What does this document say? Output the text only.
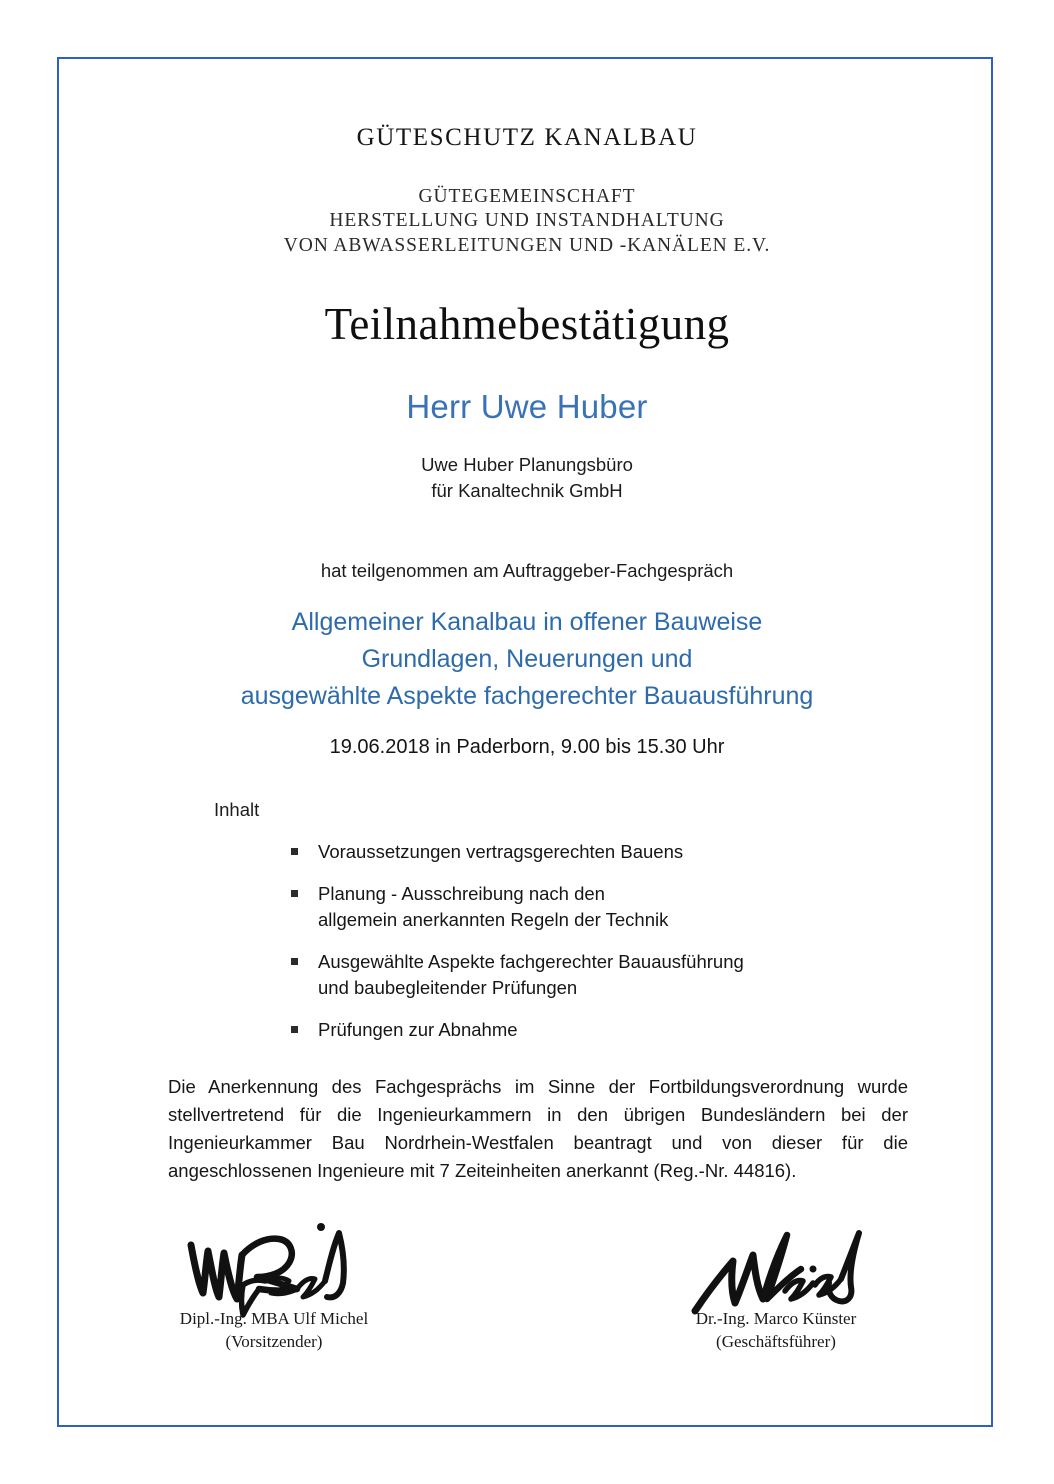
GÜTESCHUTZ KANALBAU
GÜTEGEMEINSCHAFT
HERSTELLUNG UND INSTANDHALTUNG
VON ABWASSERLEITUNGEN UND -KANÄLEN E.V.
Teilnahmebestätigung
Herr Uwe Huber
Uwe Huber Planungsbüro
für Kanaltechnik GmbH
hat teilgenommen am Auftraggeber-Fachgespräch
Allgemeiner Kanalbau in offener Bauweise
Grundlagen, Neuerungen und
ausgewählte Aspekte fachgerechter Bauausführung
19.06.2018 in Paderborn, 9.00 bis 15.30 Uhr
Inhalt
Voraussetzungen vertragsgerechten Bauens
Planung - Ausschreibung nach den
allgemein anerkannten Regeln der Technik
Ausgewählte Aspekte fachgerechter Bauausführung
und baubegleitender Prüfungen
Prüfungen zur Abnahme
Die Anerkennung des Fachgesprächs im Sinne der Fortbildungsverordnung wurde stellvertretend für die Ingenieurkammern in den übrigen Bundesländern bei der Ingenieurkammer Bau Nordrhein-Westfalen beantragt und von dieser für die angeschlossenen Ingenieure mit 7 Zeiteinheiten anerkannt (Reg.-Nr. 44816).
Dipl.-Ing. MBA Ulf Michel
(Vorsitzender)
Dr.-Ing. Marco Künster
(Geschäftsführer)
